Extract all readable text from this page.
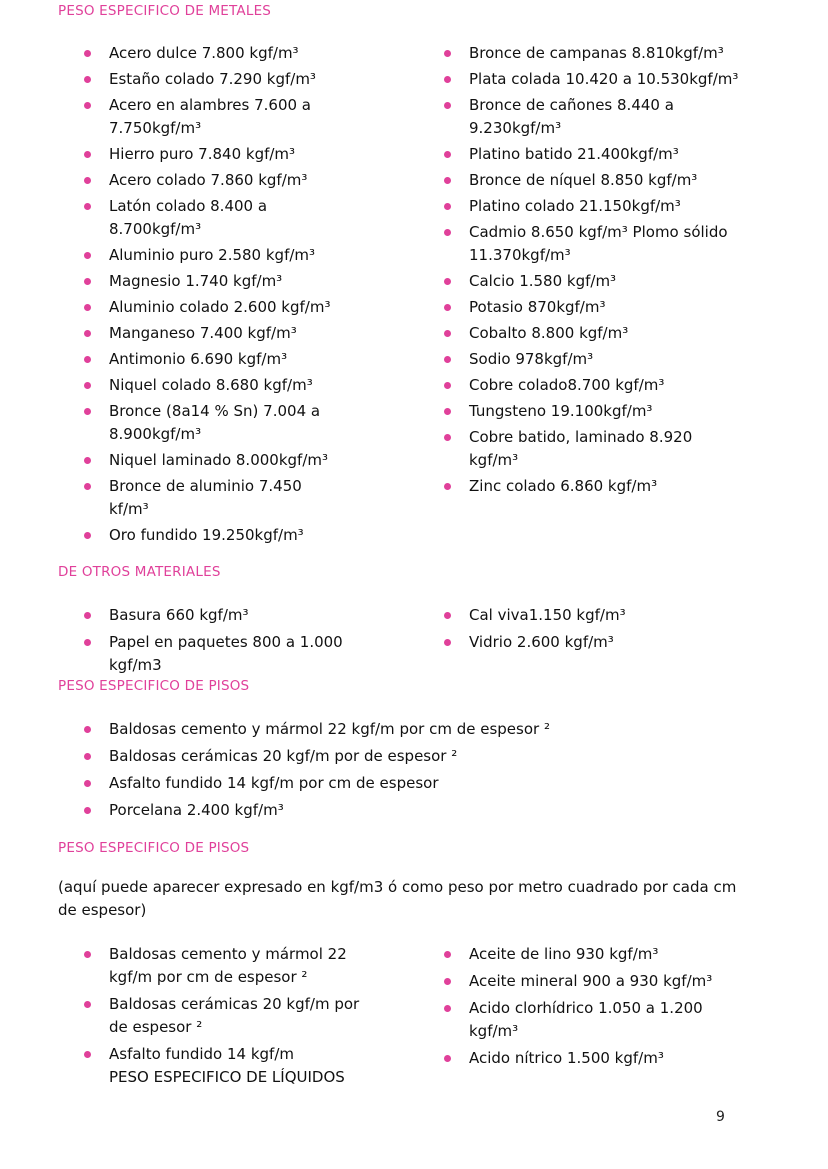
PESO ESPECIFICO DE METALES
Acero dulce 7.800 kgf/m³
Estaño colado 7.290 kgf/m³
Acero en alambres 7.600 a 7.750kgf/m³
Hierro puro 7.840 kgf/m³
Acero colado 7.860 kgf/m³
Latón colado 8.400 a 8.700kgf/m³
Aluminio puro 2.580 kgf/m³
Magnesio 1.740 kgf/m³
Aluminio colado 2.600 kgf/m³
Manganeso 7.400 kgf/m³
Antimonio 6.690 kgf/m³
Niquel colado 8.680 kgf/m³
Bronce (8a14 % Sn) 7.004 a 8.900kgf/m³
Niquel laminado 8.000kgf/m³
Bronce de aluminio 7.450 kf/m³
Oro fundido 19.250kgf/m³
Bronce de campanas 8.810kgf/m³
Plata colada 10.420 a 10.530kgf/m³
Bronce de cañones 8.440 a 9.230kgf/m³
Platino batido 21.400kgf/m³
Bronce de níquel 8.850 kgf/m³
Platino colado 21.150kgf/m³
Cadmio 8.650 kgf/m³ Plomo sólido 11.370kgf/m³
Calcio 1.580 kgf/m³
Potasio 870kgf/m³
Cobalto 8.800 kgf/m³
Sodio 978kgf/m³
Cobre colado8.700 kgf/m³
Tungsteno 19.100kgf/m³
Cobre batido, laminado 8.920 kgf/m³
Zinc colado 6.860 kgf/m³
DE OTROS MATERIALES
Basura 660 kgf/m³
Papel en paquetes 800 a 1.000 kgf/m3
Cal viva1.150 kgf/m³
Vidrio 2.600 kgf/m³
PESO ESPECIFICO DE PISOS
Baldosas cemento y mármol 22 kgf/m por cm de espesor ²
Baldosas cerámicas 20 kgf/m por de espesor ²
Asfalto fundido 14 kgf/m por cm de espesor
Porcelana 2.400 kgf/m³
PESO ESPECIFICO DE PISOS

(aquí puede aparecer expresado en kgf/m3 ó como peso por metro cuadrado por cada cm de espesor)

Baldosas cemento y mármol 22 kgf/m por cm de espesor ²
Baldosas cerámicas 20 kgf/m por de espesor ²
Asfalto fundido 14 kgf/m
PESO ESPECIFICO DE LÍQUIDOS
Aceite de lino 930 kgf/m³
Aceite mineral 900 a 930 kgf/m³
Acido clorhídrico 1.050 a 1.200 kgf/m³
Acido nítrico 1.500 kgf/m³
9
